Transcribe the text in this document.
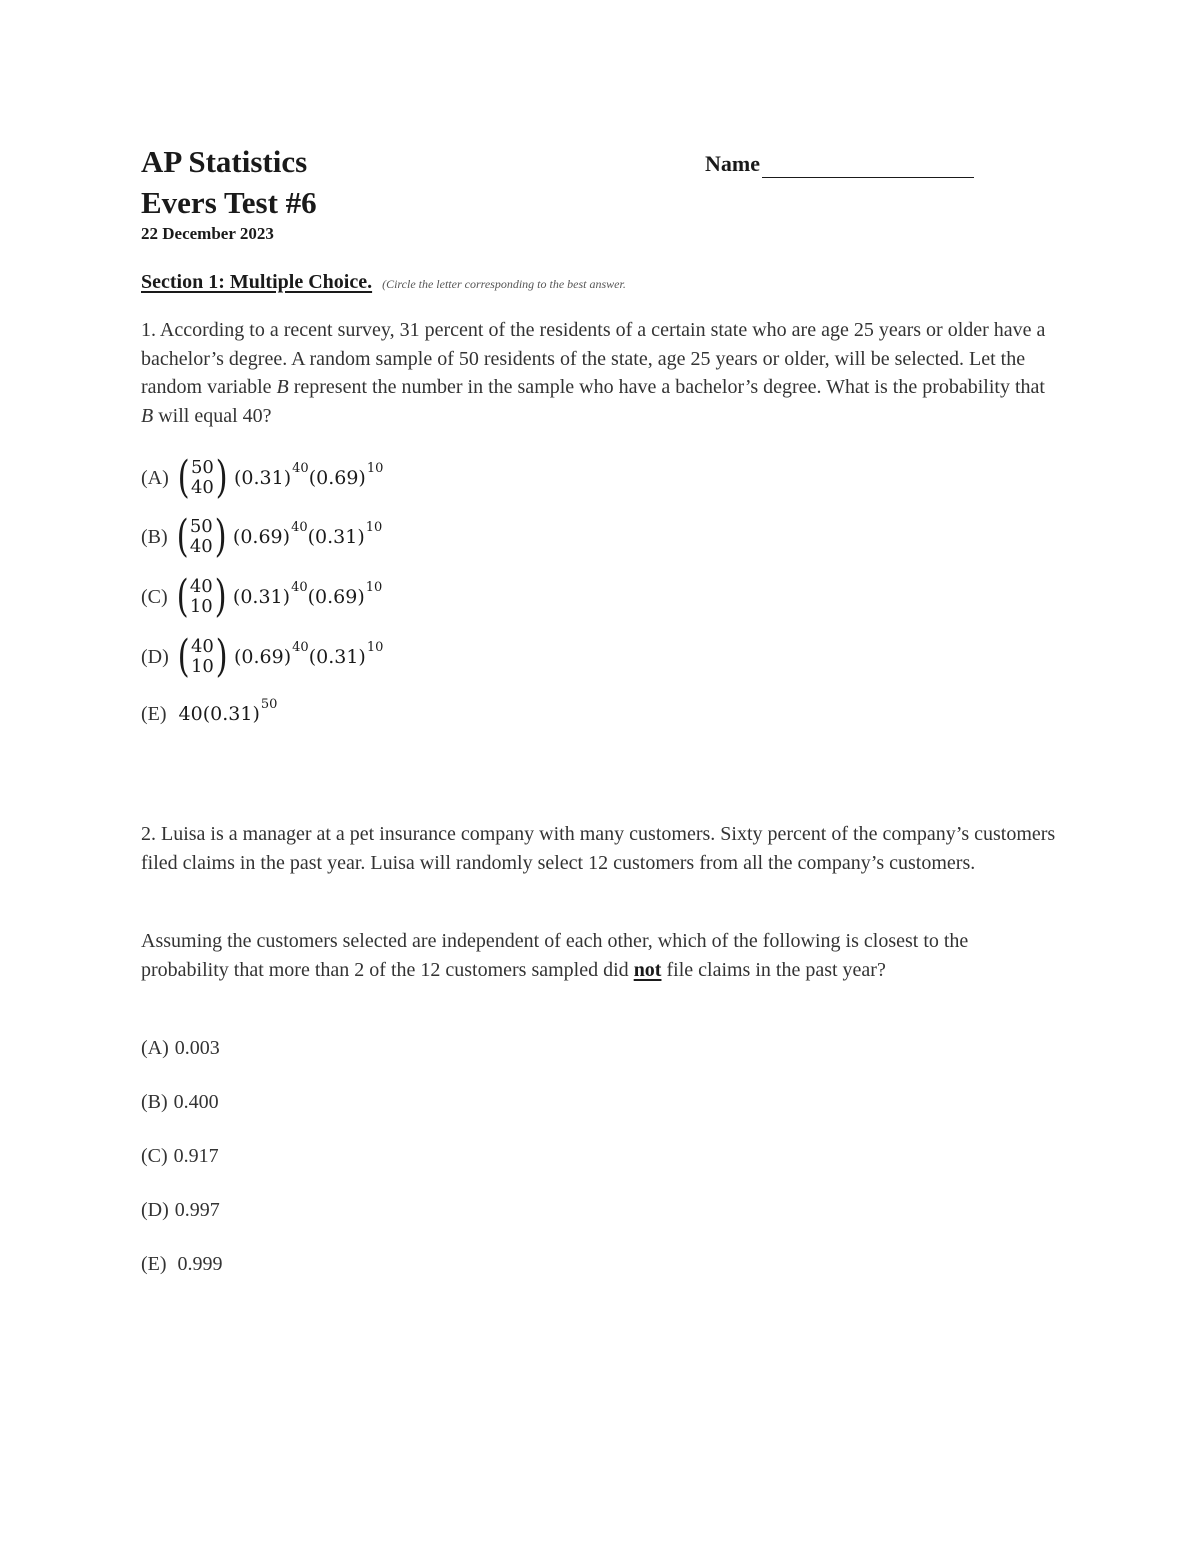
AP Statistics
Evers Test #6
Name
22 December 2023
Section 1: Multiple Choice. (Circle the letter corresponding to the best answer.

1. According to a recent survey, 31 percent of the residents of a certain state who are age 25 years or older have a bachelor’s degree. A random sample of 50 residents of the state, age 25 years or older, will be selected. Let the random variable B represent the number in the sample who have a bachelor’s degree. What is the probability that B will equal 40?

(A) ( 50
40 ) (0.31) 40 (0.69) 10
(B) ( 50
40 ) (0.69) 40 (0.31) 10
(C) ( 40
10 ) (0.31) 40 (0.69) 10
(D) ( 40
10 ) (0.69) 40 (0.31) 10
(E) 40 (0.31) 50

2. Luisa is a manager at a pet insurance company with many customers. Sixty percent of the company’s customers filed claims in the past year. Luisa will randomly select 12 customers from all the company’s customers.

Assuming the customers selected are independent of each other, which of the following is closest to the probability that more than 2 of the 12 customers sampled did not file claims in the past year?

(A) 0.003
(B) 0.400
(C) 0.917
(D) 0.997
(E) 0.999
